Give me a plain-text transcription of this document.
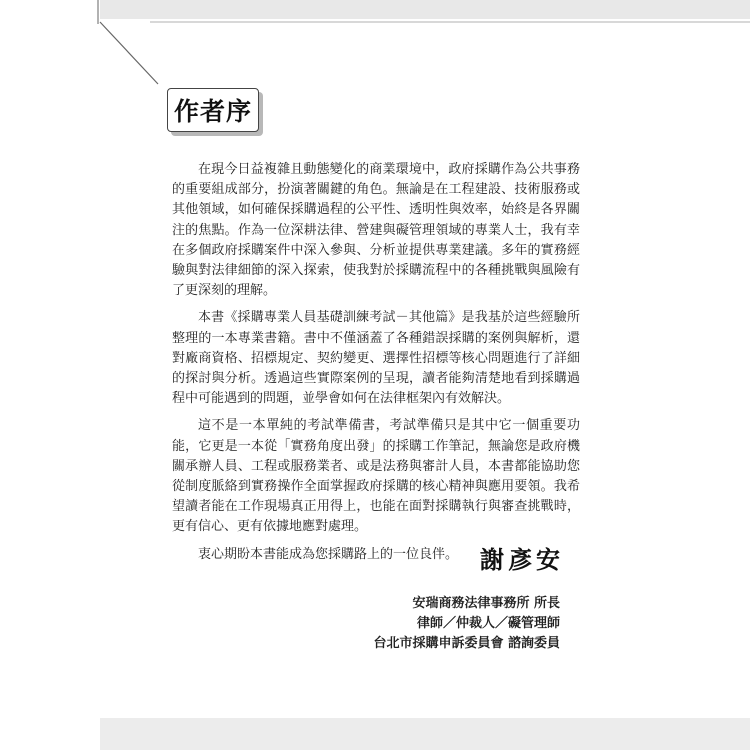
作者序

在現今日益複雜且動態變化的商業環境中，政府採購作為公共事務的重要組成部分，扮演著關鍵的角色。無論是在工程建設、技術服務或其他領域，如何確保採購過程的公平性、透明性與效率，始終是各界關注的焦點。作為一位深耕法律、營建與礙管理領域的專業人士，我有幸在多個政府採購案件中深入參與、分析並提供專業建議。多年的實務經驗與對法律細節的深入探索，使我對於採購流程中的各種挑戰與風險有了更深刻的理解。

本書《採購專業人員基礎訓練考試－其他篇》是我基於這些經驗所整理的一本專業書籍。書中不僅涵蓋了各種錯誤採購的案例與解析，還對廠商資格、招標規定、契約變更、選擇性招標等核心問題進行了詳細的探討與分析。透過這些實際案例的呈現，讀者能夠清楚地看到採購過程中可能遇到的問題，並學會如何在法律框架內有效解決。

這不是一本單純的考試準備書，考試準備只是其中它一個重要功能，它更是一本從「實務角度出發」的採購工作筆記，無論您是政府機關承辦人員、工程或服務業者、或是法務與審計人員，本書都能協助您從制度脈絡到實務操作全面掌握政府採購的核心精神與應用要領。我希望讀者能在工作現場真正用得上，也能在面對採購執行與審查挑戰時，更有信心、更有依據地應對處理。

衷心期盼本書能成為您採購路上的一位良伴。 謝彥安
安瑞商務法律事務所 所長
律師／仲裁人／礙管理師
台北市採購申訴委員會 諮詢委員
